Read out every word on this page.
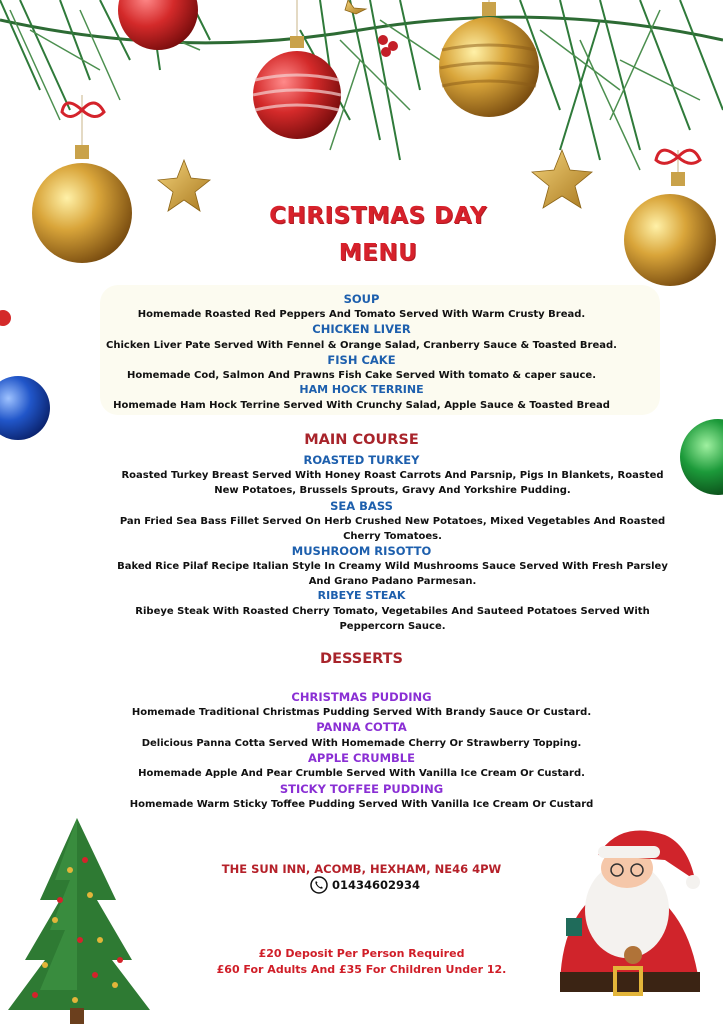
CHRISTMAS DAY
MENU
SOUP
Homemade Roasted Red Peppers And Tomato Served With Warm Crusty Bread.
CHICKEN LIVER
Chicken Liver Pate Served With Fennel & Orange Salad, Cranberry Sauce & Toasted Bread.
FISH CAKE
Homemade Cod, Salmon And Prawns Fish Cake Served With tomato & caper sauce.
HAM HOCK TERRINE
Homemade Ham Hock Terrine Served With Crunchy Salad, Apple Sauce & Toasted Bread
MAIN COURSE
ROASTED TURKEY
Roasted Turkey Breast Served With Honey Roast Carrots And Parsnip, Pigs In Blankets, Roasted New Potatoes, Brussels Sprouts, Gravy And Yorkshire Pudding.
SEA BASS
Pan Fried Sea Bass Fillet Served On Herb Crushed New Potatoes, Mixed Vegetables And Roasted Cherry Tomatoes.
MUSHROOM RISOTTO
Baked Rice Pilaf Recipe Italian Style In Creamy Wild Mushrooms Sauce Served With Fresh Parsley And Grano Padano Parmesan.
RIBEYE STEAK
Ribeye Steak With Roasted Cherry Tomato, Vegetabiles And Sauteed Potatoes Served With Peppercorn Sauce.
DESSERTS
CHRISTMAS PUDDING
Homemade Traditional Christmas Pudding Served With Brandy Sauce Or Custard.
PANNA COTTA
Delicious Panna Cotta Served With Homemade Cherry Or Strawberry Topping.
APPLE CRUMBLE
Homemade Apple And Pear Crumble Served With Vanilla Ice Cream Or Custard.
STICKY TOFFEE PUDDING
Homemade Warm Sticky Toffee Pudding Served With Vanilla Ice Cream Or Custard
THE SUN INN, ACOMB, HEXHAM, NE46 4PW
01434602934
£20 Deposit Per Person Required
£60 For Adults And £35 For Children Under 12.
